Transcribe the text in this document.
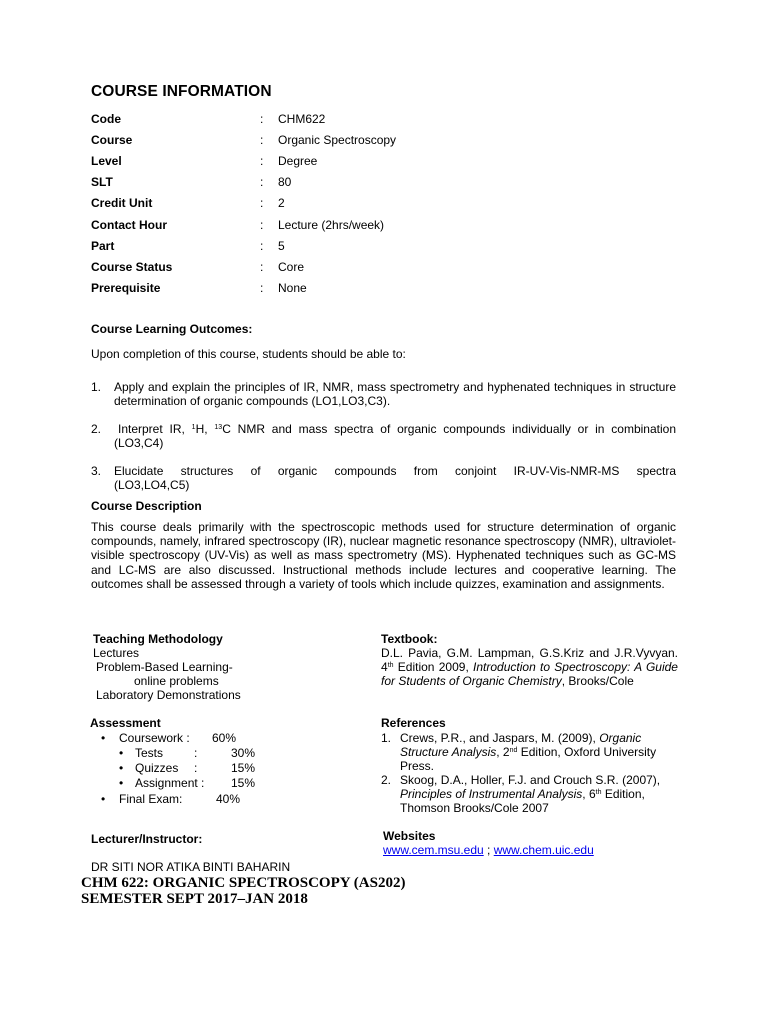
COURSE INFORMATION
Code	: CHM622
Course	: Organic Spectroscopy
Level	: Degree
SLT	: 80
Credit Unit	: 2
Contact Hour	: Lecture (2hrs/week)
Part	: 5
Course Status	: Core
Prerequisite	: None
Course Learning Outcomes:
Upon completion of this course, students should be able to:
1. Apply and explain the principles of IR, NMR, mass spectrometry and hyphenated techniques in structure determination of organic compounds (LO1,LO3,C3).
2.	Interpret IR, $^1$H, $^{13}$C NMR and mass spectra of organic compounds individually or in combination (LO3,C4)
3. Elucidate structures of organic compounds from conjoint IR-UV-Vis-NMR-MS spectra
(LO3,LO4,C5)
Course Description
This course deals primarily with the spectroscopic methods used for structure determination of organic compounds, namely, infrared spectroscopy (IR), nuclear magnetic resonance spectroscopy (NMR), ultraviolet-visible spectroscopy (UV-Vis) as well as mass spectrometry (MS). Hyphenated techniques such as GC-MS and LC-MS are also discussed. Instructional methods include lectures and cooperative learning. The outcomes shall be assessed through a variety of tools which include quizzes, examination and assignments.
Teaching Methodology
Lectures
Problem-Based Learning-
online problems
Laboratory Demonstrations
Textbook:
D.L. Pavia, G.M. Lampman, G.S.Kriz and J.R.Vyvyan. 4th Edition 2009, Introduction to Spectroscopy: A Guide for Students of Organic Chemistry, Brooks/Cole
Assessment
• Coursework : 60%
• Tests	:	30%
• Quizzes :	15%
• Assignment : 15%
• Final Exam:	40%
References
1. Crews, P.R., and Jaspars, M. (2009), Organic Structure Analysis, 2nd Edition, Oxford University Press.
2. Skoog, D.A., Holler, F.J. and Crouch S.R. (2007), Principles of Instrumental Analysis, 6th Edition, Thomson Brooks/Cole 2007
Lecturer/Instructor:
DR SITI NOR ATIKA BINTI BAHARIN
Websites
www.cem.msu.edu ; www.chem.uic.edu
CHM 622: ORGANIC SPECTROSCOPY (AS202)
SEMESTER SEPT 2017–JAN 2018
